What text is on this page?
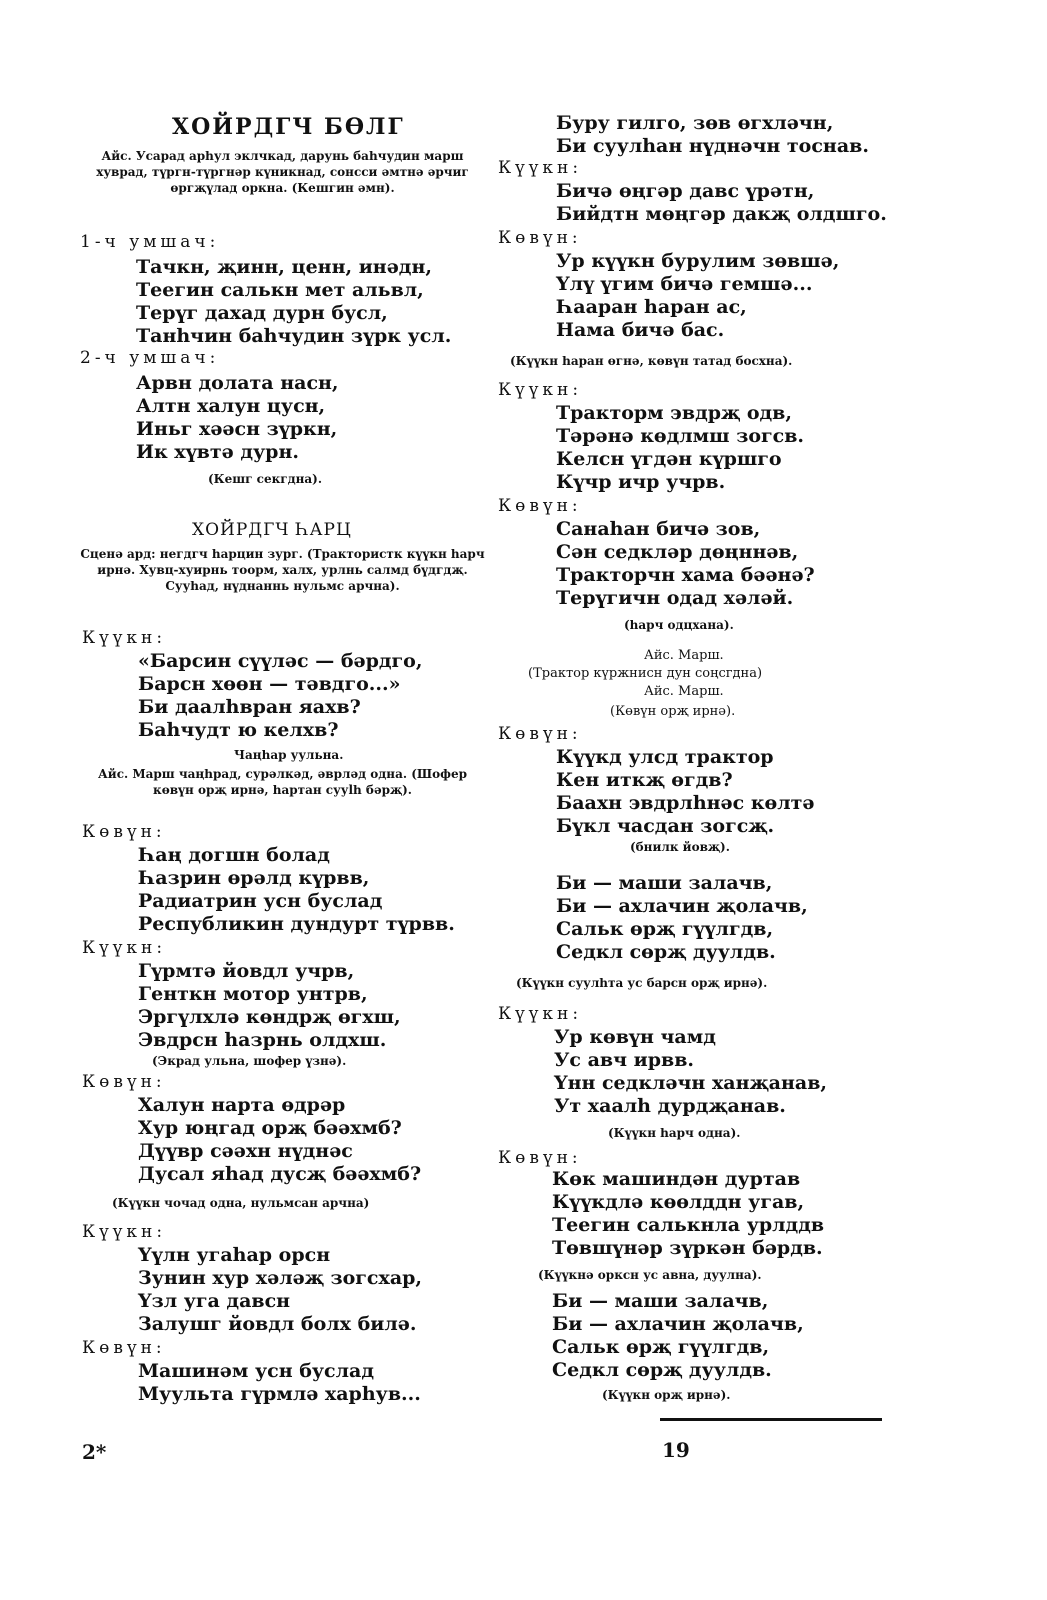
ХОЙРДГЧ БӨЛГ
Айс. Усарад арһул эклчкад, дарунь баһчудин марш хуврад, түргн-түргнәр күникнад, сонсси әмтнә әрчиг өргҗүлад оркна. (Кешгин әмн).
1-ч умшач:
Тачкн, җинн, ценн, инәдн,
Теегин салькн мет альвл,
Терүг дахад дурн бусл,
Танһчин баһчудин зүрк усл.
2-ч умшач:
Арвн долата насн,
Алтн халун цусн,
Иньг хәәсн зүркн,
Ик хүвтә дурн.
(Кешг секгдна).
ХОЙРДГЧ ҺАРЦ
Сценә ард: негдгч һарцин зург. (Трактористк күүкн һарч ирнә. Хувц-хуирнь тоорм, халх, урлнь салмд бүдгдҗ. Сууһад, нүднаннь нульмс арчна).
Күүкн:
«Барсин сүүләс — бәрдго,
Барсн хөөн — тәвдго...»
Би даалһвран яахв?
Баһчудт ю келхв?
Чаңһар уульна.
Айс. Марш чаңһрад, сурәлкәд, әврләд одна. (Шофер көвүн орҗ ирнә, һартан сууlһ бәрҗ).
Көвүн:
Һаң догшн болад
Һазрин өрәлд күрвв,
Радиатрин усн буслад
Республикин дундурт түрвв.
Күүкн:
Гүрмтә йовдл учрв,
Генткн мотор унтрв,
Эргүлхлә көндрҗ өгхш,
Эвдрсн һазрнь олдхш.
(Экрад ульна, шофер үзнә).
Көвүн:
Халун нарта өдрәр
Хур юңгад орҗ бәәхмб?
Дүүвр сәәхн нүднәс
Дусал яһад дусҗ бәәхмб?
(Күүкн чочад одна, нульмсан арчна)
Күүкн:
Үүлн угаһар орсн
Зунин хур хәләҗ зогсхар,
Үзл уга давсн
Залушг йовдл болх билә.
Көвүн:
Машинәм усн буслад
Муульта гүрмлә харһув...
2*
Буру гилго, зөв өгхләчн,
Би суулһан нүднәчн тоснав.
Күүкн:
Бичә өңгәр давс үрәтн,
Бийдтн мөңгәр дакҗ олдшго.
Көвүн:
Ур күүкн бурулим зөвшә,
Үлү үгим бичә гемшә...
Һааран һаран ас,
Нама бичә бас.
(Күүкн һаран өгнә, көвүн татад босхна).
Күүкн:
Тракторм эвдрҗ одв,
Тәрәнә көдлмш зогсв.
Келсн үгдән күршго
Күчр ичр учрв.
Көвүн:
Санаһан бичә зов,
Сән седкләр дөңннәв,
Тракторчн хама бәәнә?
Терүгичн одад хәләй.
(һарч одцхана).
Айс. Марш.
(Трактор күржнисн дун соңсгдна)
Айс. Марш.
(Көвүн орҗ ирнә).
Көвүн:
Күүкд улсд трактор
Кен иткҗ өгдв?
Баахн эвдрлһнәс көлтә
Бүкл часдан зогсҗ.
(бнилк йовҗ).
Би — маши залачв,
Би — ахлачин җолачв,
Сальк өрҗ гүүлгдв,
Седкл сөрҗ дуулдв.
(Күүкн суулһта ус барсн орҗ ирнә).
Күүкн:
Ур көвүн чамд
Ус авч ирвв.
Үнн седкләчн ханҗанав,
Ут хаалһ дурдҗанав.
(Күүкн һарч одна).
Көвүн:
Көк машиндән дуртав
Күүкдлә көөлддн угав,
Теегин салькнла урлддв
Төвшүнәр зүркән бәрдв.
(Күүкнә орксн ус авна, дуулна).
Би — маши залачв,
Би — ахлачин җолачв,
Сальк өрҗ гүүлгдв,
Седкл сөрҗ дуулдв.
(Күүкн орҗ ирнә).
19
